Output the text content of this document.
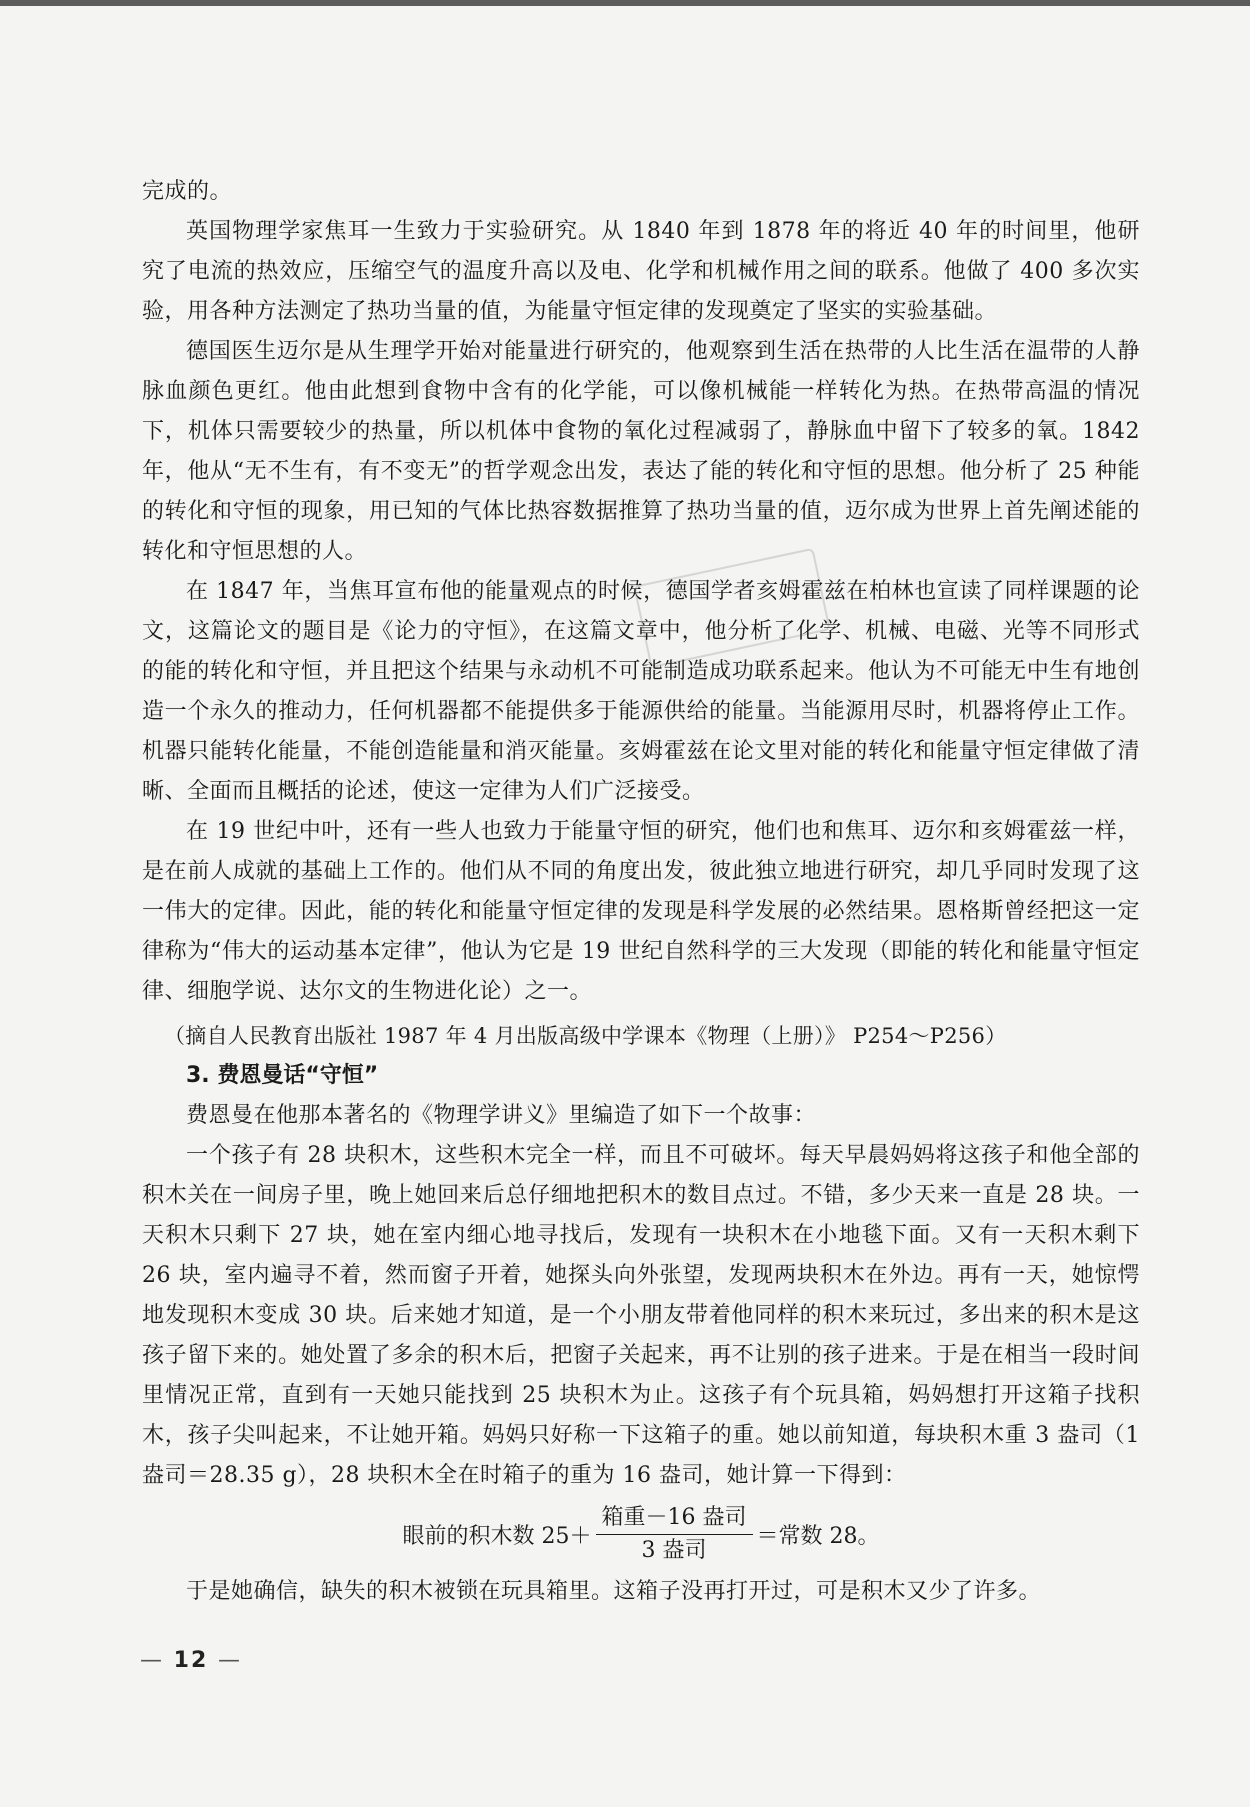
完成的。

英国物理学家焦耳一生致力于实验研究。从 1840 年到 1878 年的将近 40 年的时间里，他研究了电流的热效应，压缩空气的温度升高以及电、化学和机械作用之间的联系。他做了 400 多次实验，用各种方法测定了热功当量的值，为能量守恒定律的发现奠定了坚实的实验基础。

德国医生迈尔是从生理学开始对能量进行研究的，他观察到生活在热带的人比生活在温带的人静脉血颜色更红。他由此想到食物中含有的化学能，可以像机械能一样转化为热。在热带高温的情况下，机体只需要较少的热量，所以机体中食物的氧化过程减弱了，静脉血中留下了较多的氧。1842 年，他从“无不生有，有不变无”的哲学观念出发，表达了能的转化和守恒的思想。他分析了 25 种能的转化和守恒的现象，用已知的气体比热容数据推算了热功当量的值，迈尔成为世界上首先阐述能的转化和守恒思想的人。

在 1847 年，当焦耳宣布他的能量观点的时候，德国学者亥姆霍兹在柏林也宣读了同样课题的论文，这篇论文的题目是《论力的守恒》，在这篇文章中，他分析了化学、机械、电磁、光等不同形式的能的转化和守恒，并且把这个结果与永动机不可能制造成功联系起来。他认为不可能无中生有地创造一个永久的推动力，任何机器都不能提供多于能源供给的能量。当能源用尽时，机器将停止工作。机器只能转化能量，不能创造能量和消灭能量。亥姆霍兹在论文里对能的转化和能量守恒定律做了清晰、全面而且概括的论述，使这一定律为人们广泛接受。

在 19 世纪中叶，还有一些人也致力于能量守恒的研究，他们也和焦耳、迈尔和亥姆霍兹一样，是在前人成就的基础上工作的。他们从不同的角度出发，彼此独立地进行研究，却几乎同时发现了这一伟大的定律。因此，能的转化和能量守恒定律的发现是科学发展的必然结果。恩格斯曾经把这一定律称为“伟大的运动基本定律”，他认为它是 19 世纪自然科学的三大发现（即能的转化和能量守恒定律、细胞学说、达尔文的生物进化论）之一。

（摘自人民教育出版社 1987 年 4 月出版高级中学课本《物理（上册）》 P254～P256）

3. 费恩曼话“守恒”

费恩曼在他那本著名的《物理学讲义》里编造了如下一个故事：

一个孩子有 28 块积木，这些积木完全一样，而且不可破坏。每天早晨妈妈将这孩子和他全部的积木关在一间房子里，晚上她回来后总仔细地把积木的数目点过。不错，多少天来一直是 28 块。一天积木只剩下 27 块，她在室内细心地寻找后，发现有一块积木在小地毯下面。又有一天积木剩下 26 块，室内遍寻不着，然而窗子开着，她探头向外张望，发现两块积木在外边。再有一天，她惊愕地发现积木变成 30 块。后来她才知道，是一个小朋友带着他同样的积木来玩过，多出来的积木是这孩子留下来的。她处置了多余的积木后，把窗子关起来，再不让别的孩子进来。于是在相当一段时间里情况正常，直到有一天她只能找到 25 块积木为止。这孩子有个玩具箱，妈妈想打开这箱子找积木，孩子尖叫起来，不让她开箱。妈妈只好称一下这箱子的重。她以前知道，每块积木重 3 盎司（1 盎司＝28.35 g），28 块积木全在时箱子的重为 16 盎司，她计算一下得到：

眼前的积木数 $25+ \frac{\text{箱重－16 盎司}}{\text{3 盎司}}$ ＝常数 28。

于是她确信，缺失的积木被锁在玩具箱里。这箱子没再打开过，可是积木又少了许多。

— 12 —
